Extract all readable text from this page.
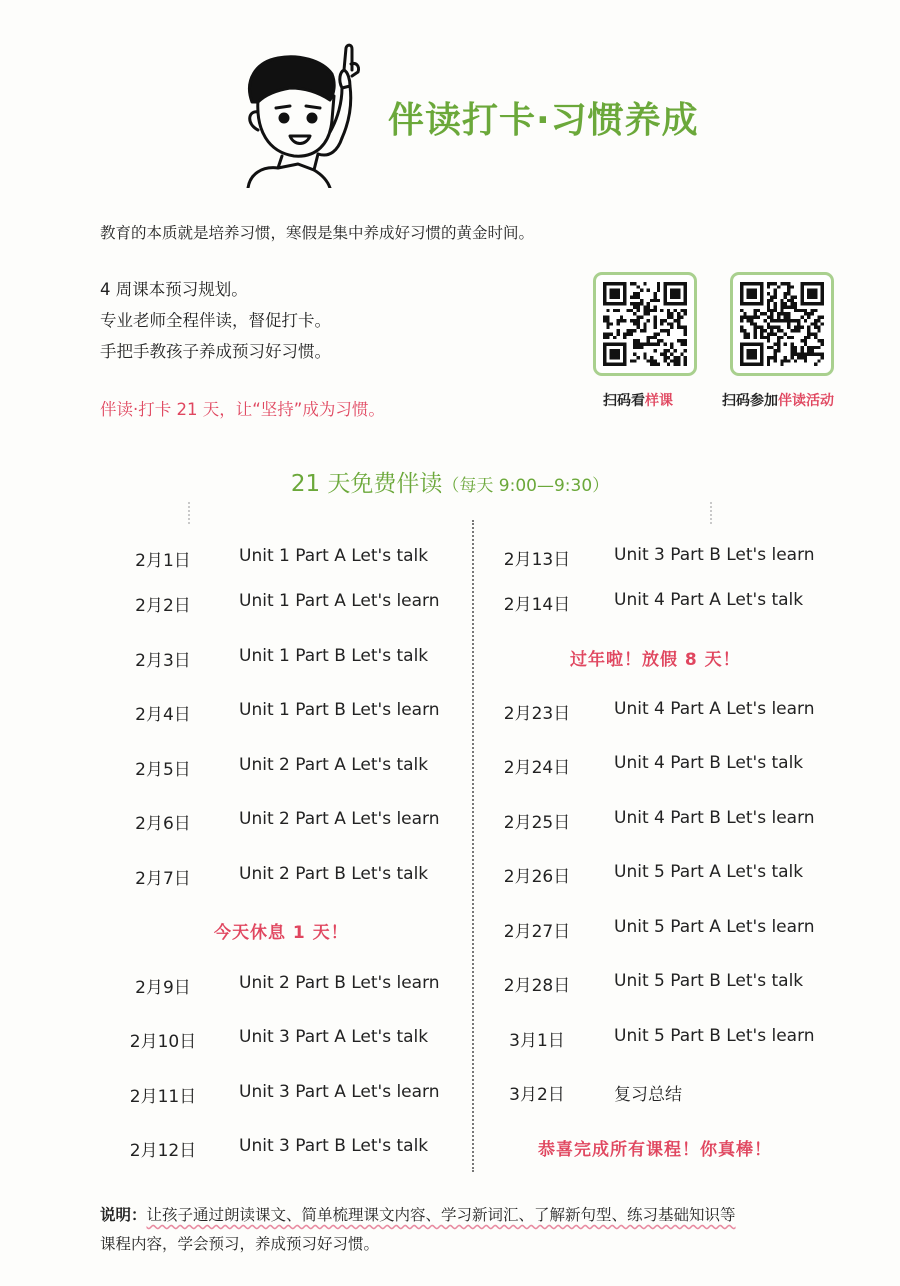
伴读打卡·习惯养成
教育的本质就是培养习惯，寒假是集中养成好习惯的黄金时间。
4 周课本预习规划。
专业老师全程伴读，督促打卡。
手把手教孩子养成预习好习惯。
伴读·打卡 21 天，让“坚持”成为习惯。	扫码看样课	扫码参加伴读活动
21 天免费伴读（每天 9:00—9:30）
2月1日	Unit 1 Part A Let's talk
2月2日	Unit 1 Part A Let's learn
2月3日	Unit 1 Part B Let's talk
2月4日	Unit 1 Part B Let's learn
2月5日	Unit 2 Part A Let's talk
2月6日	Unit 2 Part A Let's learn
2月7日	Unit 2 Part B Let's talk
今天休息 1 天！
2月9日	Unit 2 Part B Let's learn
2月10日	Unit 3 Part A Let's talk
2月11日	Unit 3 Part A Let's learn
2月12日	Unit 3 Part B Let's talk
2月13日	Unit 3 Part B Let's learn
2月14日	Unit 4 Part A Let's talk
过年啦！放假 8 天！
2月23日	Unit 4 Part A Let's learn
2月24日	Unit 4 Part B Let's talk
2月25日	Unit 4 Part B Let's learn
2月26日	Unit 5 Part A Let's talk
2月27日	Unit 5 Part A Let's learn
2月28日	Unit 5 Part B Let's talk
3月1日	Unit 5 Part B Let's learn
3月2日	复习总结
恭喜完成所有课程！你真棒！
说明：让孩子通过朗读课文、简单梳理课文内容、学习新词汇、了解新句型、练习基础知识等
课程内容，学会预习，养成预习好习惯。
